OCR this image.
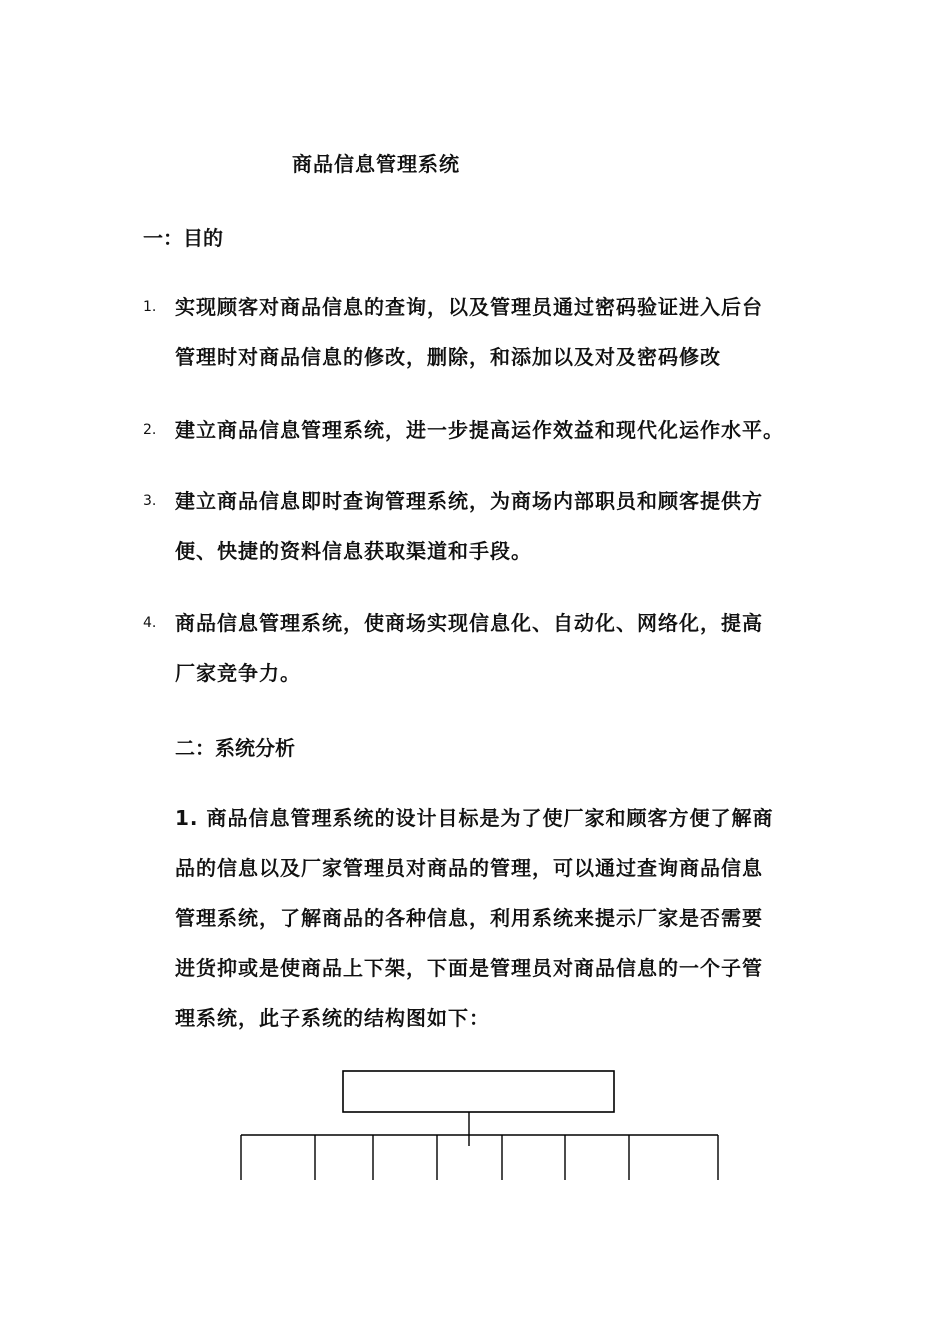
商品信息管理系统
一：目的
1. 实现顾客对商品信息的查询，以及管理员通过密码验证进入后台
管理时对商品信息的修改，删除，和添加以及对及密码修改
2. 建立商品信息管理系统，进一步提高运作效益和现代化运作水平。
3. 建立商品信息即时查询管理系统，为商场内部职员和顾客提供方
便、快捷的资料信息获取渠道和手段。
4. 商品信息管理系统，使商场实现信息化、自动化、网络化，提高
厂家竞争力。
二：系统分析
1. 商品信息管理系统的设计目标是为了使厂家和顾客方便了解商
品的信息以及厂家管理员对商品的管理，可以通过查询商品信息
管理系统，了解商品的各种信息，利用系统来提示厂家是否需要
进货抑或是使商品上下架，下面是管理员对商品信息的一个子管
理系统，此子系统的结构图如下：
